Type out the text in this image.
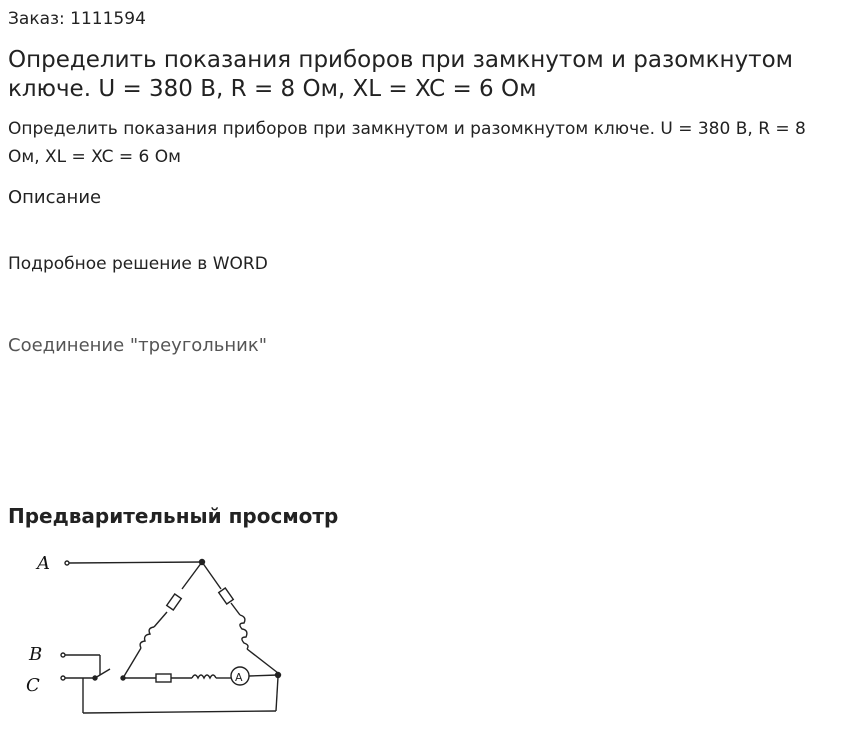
Заказ: 1111594
Определить показания приборов при замкнутом и разомкнутом ключе. U = 380 В, R = 8 Ом, XL = XC = 6 Ом
Определить показания приборов при замкнутом и разомкнутом ключе. U = 380 В, R = 8 Ом, XL = XC = 6 Ом
Описание
Подробное решение в WORD
Соединение "треугольник"
Предварительный просмотр
A
B
C	A
